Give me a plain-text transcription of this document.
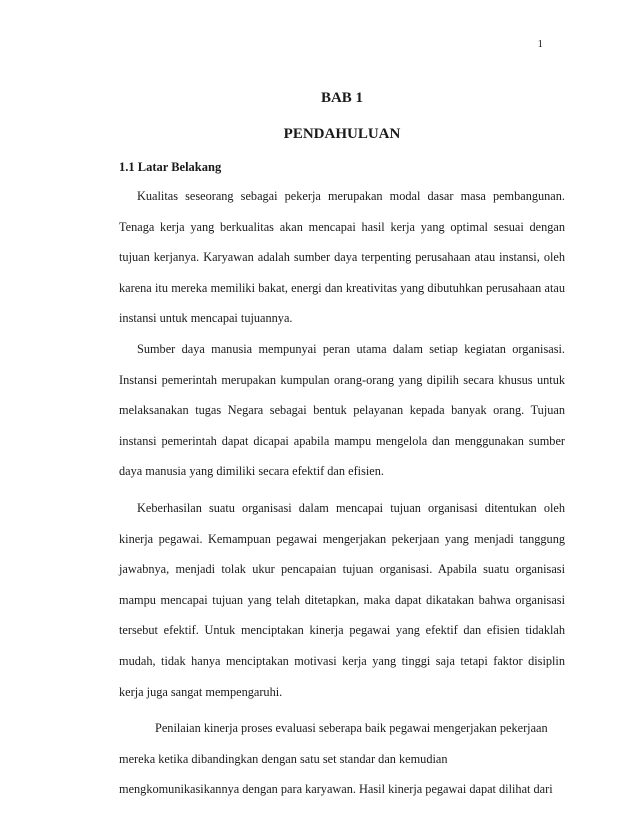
1
BAB 1
PENDAHULUAN
1.1 Latar Belakang

Kualitas seseorang sebagai pekerja merupakan modal dasar masa pembangunan. Tenaga kerja yang berkualitas akan mencapai hasil kerja yang optimal sesuai dengan tujuan kerjanya. Karyawan adalah sumber daya terpenting perusahaan atau instansi, oleh karena itu mereka memiliki bakat, energi dan kreativitas yang dibutuhkan perusahaan atau instansi untuk mencapai tujuannya.

Sumber daya manusia mempunyai peran utama dalam setiap kegiatan organisasi. Instansi pemerintah merupakan kumpulan orang-orang yang dipilih secara khusus untuk melaksanakan tugas Negara sebagai bentuk pelayanan kepada banyak orang. Tujuan instansi pemerintah dapat dicapai apabila mampu mengelola dan menggunakan sumber daya manusia yang dimiliki secara efektif dan efisien.

Keberhasilan suatu organisasi dalam mencapai tujuan organisasi ditentukan oleh kinerja pegawai. Kemampuan pegawai mengerjakan pekerjaan yang menjadi tanggung jawabnya, menjadi tolak ukur pencapaian tujuan organisasi. Apabila suatu organisasi mampu mencapai tujuan yang telah ditetapkan, maka dapat dikatakan bahwa organisasi tersebut efektif. Untuk menciptakan kinerja pegawai yang efektif dan efisien tidaklah mudah, tidak hanya menciptakan motivasi kerja yang tinggi saja tetapi faktor disiplin kerja juga sangat mempengaruhi.

Penilaian kinerja proses evaluasi seberapa baik pegawai mengerjakan pekerjaan mereka ketika dibandingkan dengan satu set standar dan kemudian mengkomunikasikannya dengan para karyawan. Hasil kinerja pegawai dapat dilihat dari
